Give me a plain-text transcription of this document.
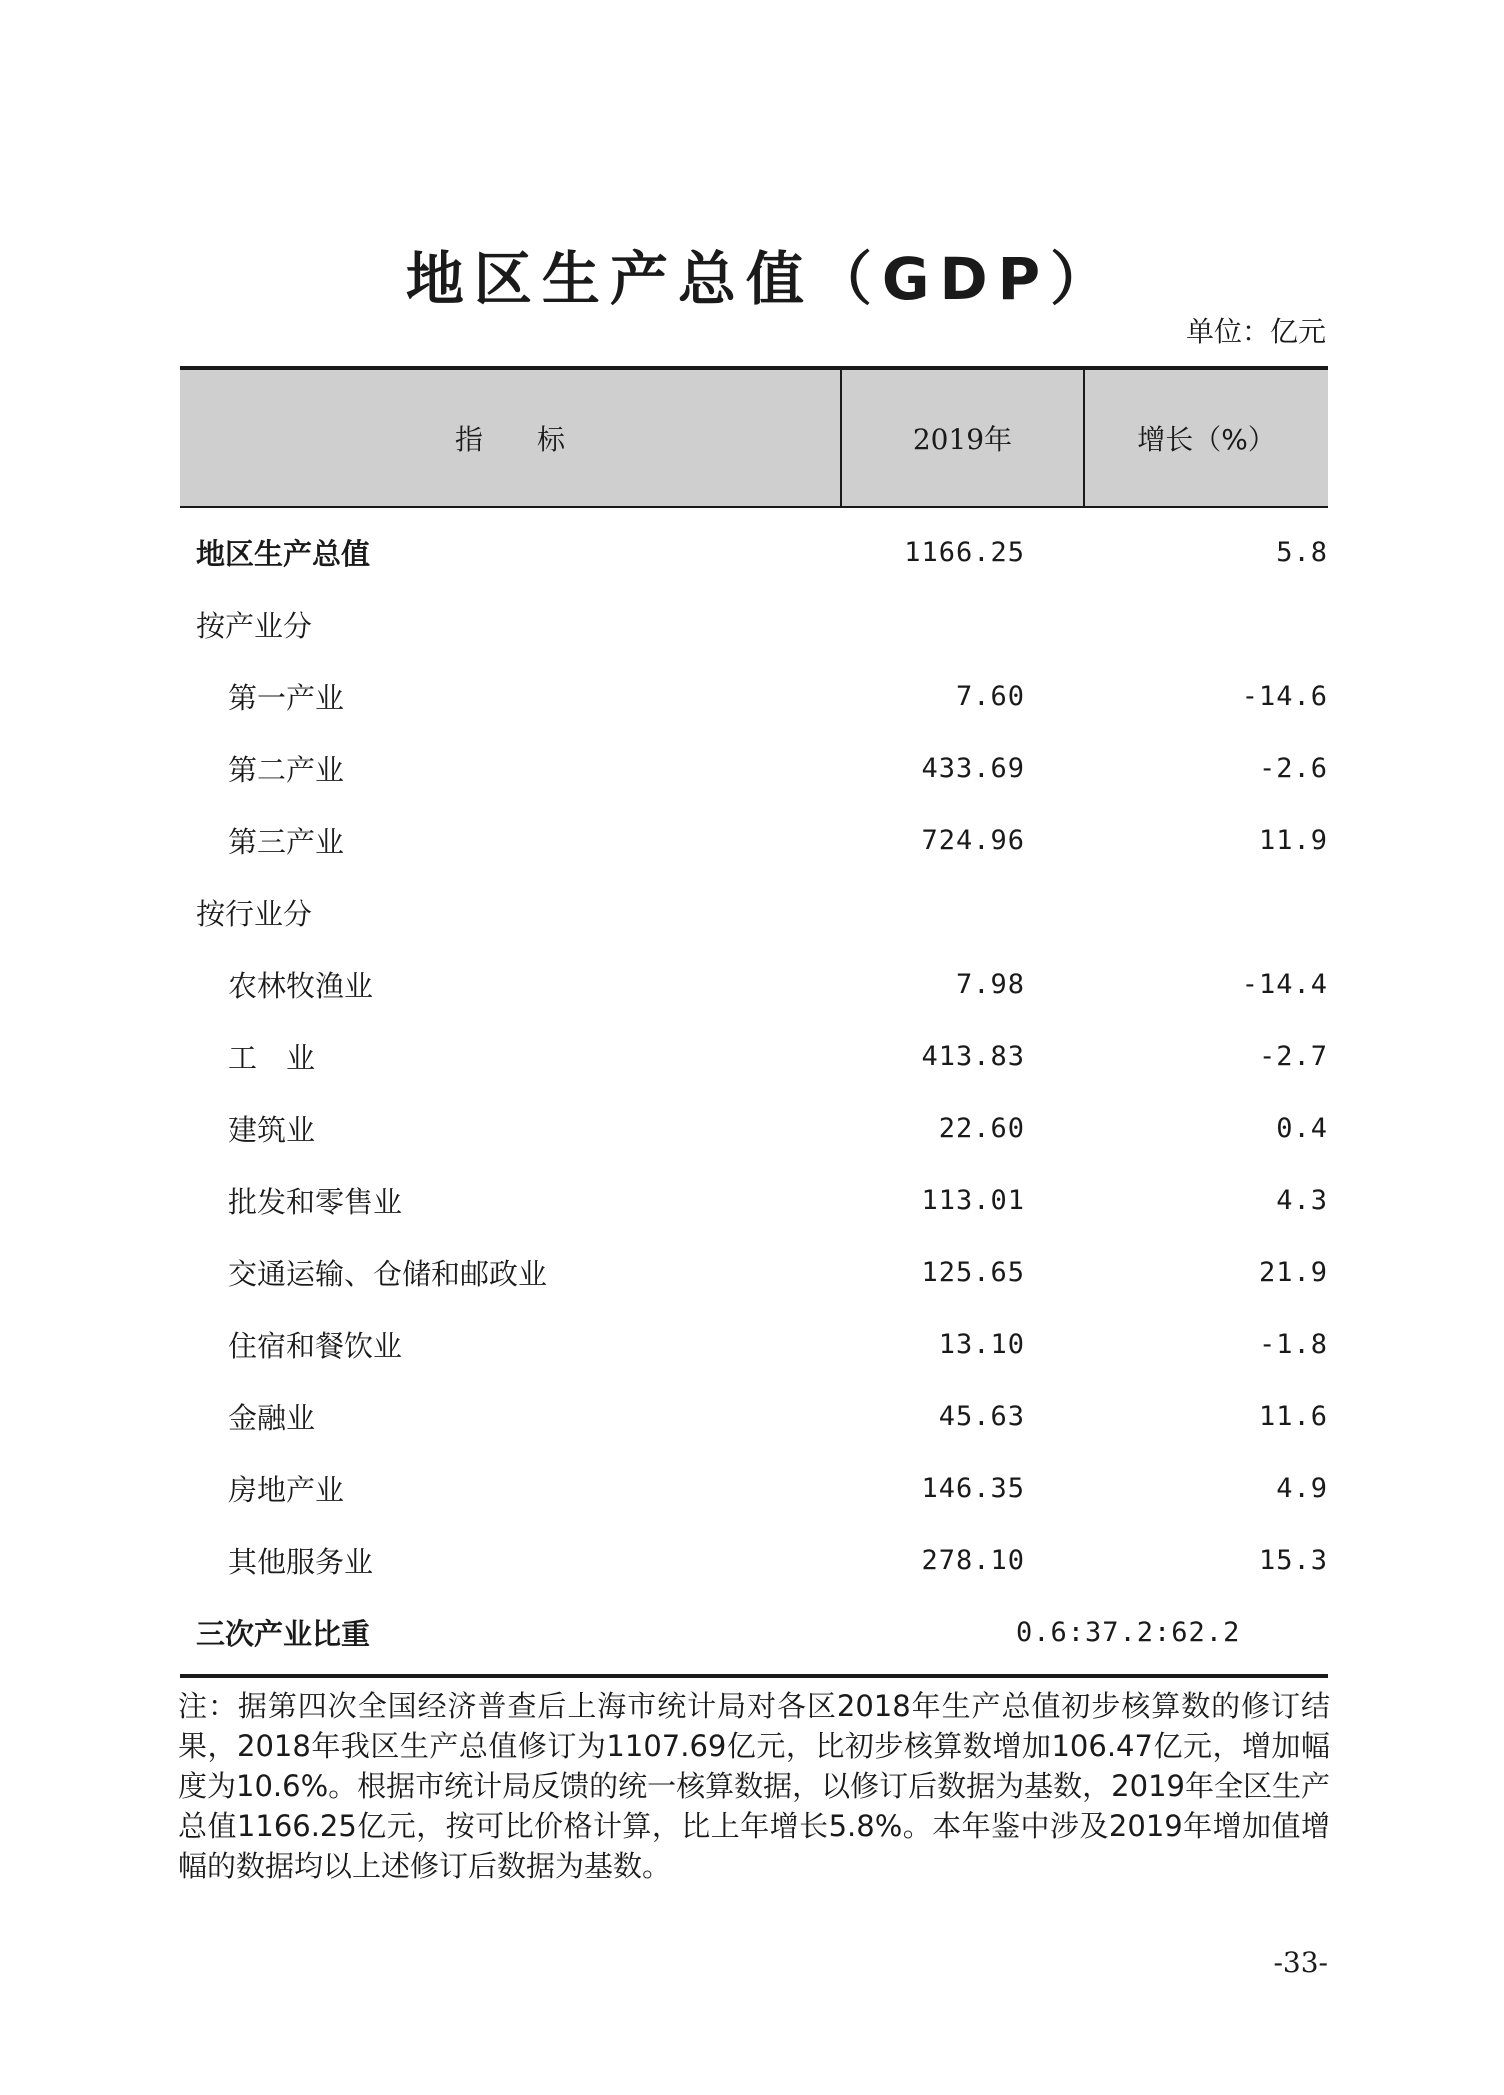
地区生产总值（GDP）
单位：亿元
指标	2019年	增长（%）
地区生产总值	1166.25	5.8
按产业分
第一产业	7.60	-14.6
第二产业	433.69	-2.6
第三产业	724.96	11.9
按行业分
农林牧渔业	7.98	-14.4
工　业	413.83	-2.7
建筑业	22.60	0.4
批发和零售业	113.01	4.3
交通运输、仓储和邮政业	125.65	21.9
住宿和餐饮业	13.10	-1.8
金融业	45.63	11.6
房地产业	146.35	4.9
其他服务业	278.10	15.3
三次产业比重	0.6:37.2:62.2
注：据第四次全国经济普查后上海市统计局对各区2018年生产总值初步核算数的修订结果，2018年我区生产总值修订为1107.69亿元，比初步核算数增加106.47亿元，增加幅度为10.6%。根据市统计局反馈的统一核算数据，以修订后数据为基数，2019年全区生产总值1166.25亿元，按可比价格计算，比上年增长5.8%。本年鉴中涉及2019年增加值增幅的数据均以上述修订后数据为基数。
-33-
